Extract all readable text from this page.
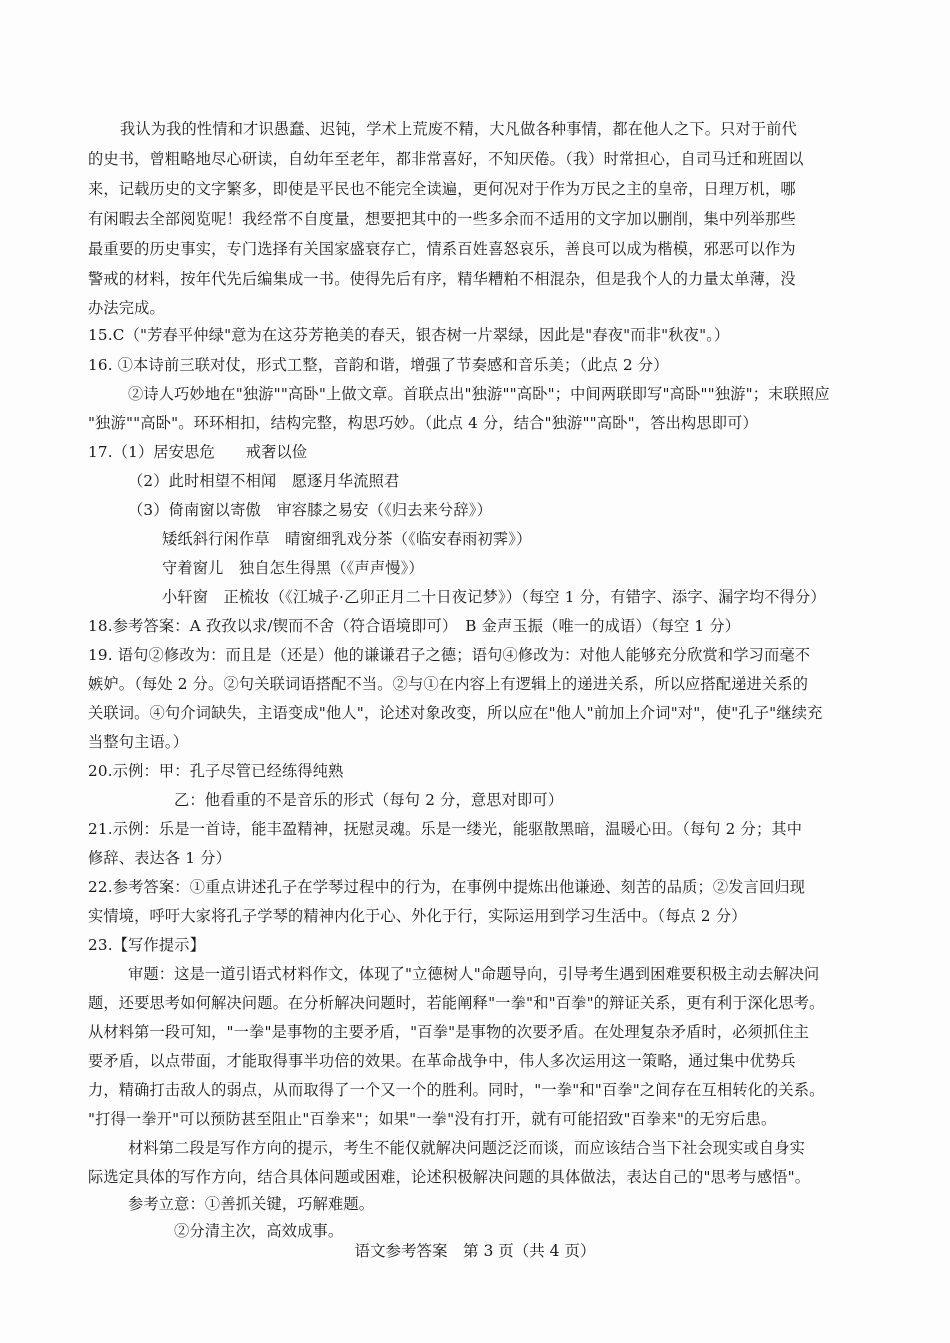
我认为我的性情和才识愚蠢、迟钝，学术上荒废不精，大凡做各种事情，都在他人之下。只对于前代
的史书，曾粗略地尽心研读，自幼年至老年，都非常喜好，不知厌倦。（我）时常担心，自司马迁和班固以
来，记载历史的文字繁多，即使是平民也不能完全读遍，更何况对于作为万民之主的皇帝，日理万机，哪
有闲暇去全部阅览呢！我经常不自度量，想要把其中的一些多余而不适用的文字加以删削，集中列举那些
最重要的历史事实，专门选择有关国家盛衰存亡，情系百姓喜怒哀乐，善良可以成为楷模，邪恶可以作为
警戒的材料，按年代先后编集成一书。使得先后有序，精华糟粕不相混杂，但是我个人的力量太单薄，没
办法完成。
15.C（"芳春平仲绿"意为在这芬芳艳美的春天，银杏树一片翠绿，因此是"春夜"而非"秋夜"。）
16. ①本诗前三联对仗，形式工整，音韵和谐，增强了节奏感和音乐美；（此点 2 分）
②诗人巧妙地在"独游""高卧"上做文章。首联点出"独游""高卧"；中间两联即写"高卧""独游"；末联照应
"独游""高卧"。环环相扣，结构完整，构思巧妙。（此点 4 分，结合"独游""高卧"，答出构思即可）
17.（1）居安思危　　戒奢以俭
（2）此时相望不相闻　愿逐月华流照君
（3）倚南窗以寄傲　审容膝之易安（《归去来兮辞》）
矮纸斜行闲作草　晴窗细乳戏分茶（《临安春雨初霁》）
守着窗儿　独自怎生得黑（《声声慢》）
小轩窗　正梳妆（《江城子·乙卯正月二十日夜记梦》）（每空 1 分，有错字、添字、漏字均不得分）
18.参考答案：A 孜孜以求/锲而不舍（符合语境即可）　B 金声玉振（唯一的成语）（每空 1 分）
19. 语句②修改为：而且是（还是）他的谦谦君子之德；语句④修改为：对他人能够充分欣赏和学习而毫不
嫉妒。（每处 2 分。②句关联词语搭配不当。②与①在内容上有逻辑上的递进关系，所以应搭配递进关系的
关联词。④句介词缺失，主语变成"他人"，论述对象改变，所以应在"他人"前加上介词"对"，使"孔子"继续充
当整句主语。）
20.示例：甲：孔子尽管已经练得纯熟
乙：他看重的不是音乐的形式（每句 2 分，意思对即可）
21.示例：乐是一首诗，能丰盈精神，抚慰灵魂。乐是一缕光，能驱散黑暗，温暖心田。（每句 2 分；其中
修辞、表达各 1 分）
22.参考答案：①重点讲述孔子在学琴过程中的行为，在事例中提炼出他谦逊、刻苦的品质；②发言回归现
实情境，呼吁大家将孔子学琴的精神内化于心、外化于行，实际运用到学习生活中。（每点 2 分）
23.【写作提示】
审题：这是一道引语式材料作文，体现了"立德树人"命题导向，引导考生遇到困难要积极主动去解决问
题，还要思考如何解决问题。在分析解决问题时，若能阐释"一拳"和"百拳"的辩证关系，更有利于深化思考。
从材料第一段可知，"一拳"是事物的主要矛盾，"百拳"是事物的次要矛盾。在处理复杂矛盾时，必须抓住主
要矛盾，以点带面，才能取得事半功倍的效果。在革命战争中，伟人多次运用这一策略，通过集中优势兵
力，精确打击敌人的弱点，从而取得了一个又一个的胜利。同时，"一拳"和"百拳"之间存在互相转化的关系。
"打得一拳开"可以预防甚至阻止"百拳来"；如果"一拳"没有打开，就有可能招致"百拳来"的无穷后患。
材料第二段是写作方向的提示，考生不能仅就解决问题泛泛而谈，而应该结合当下社会现实或自身实
际选定具体的写作方向，结合具体问题或困难，论述积极解决问题的具体做法，表达自己的"思考与感悟"。
参考立意：①善抓关键，巧解难题。
②分清主次，高效成事。
语文参考答案　第 3 页（共 4 页）
